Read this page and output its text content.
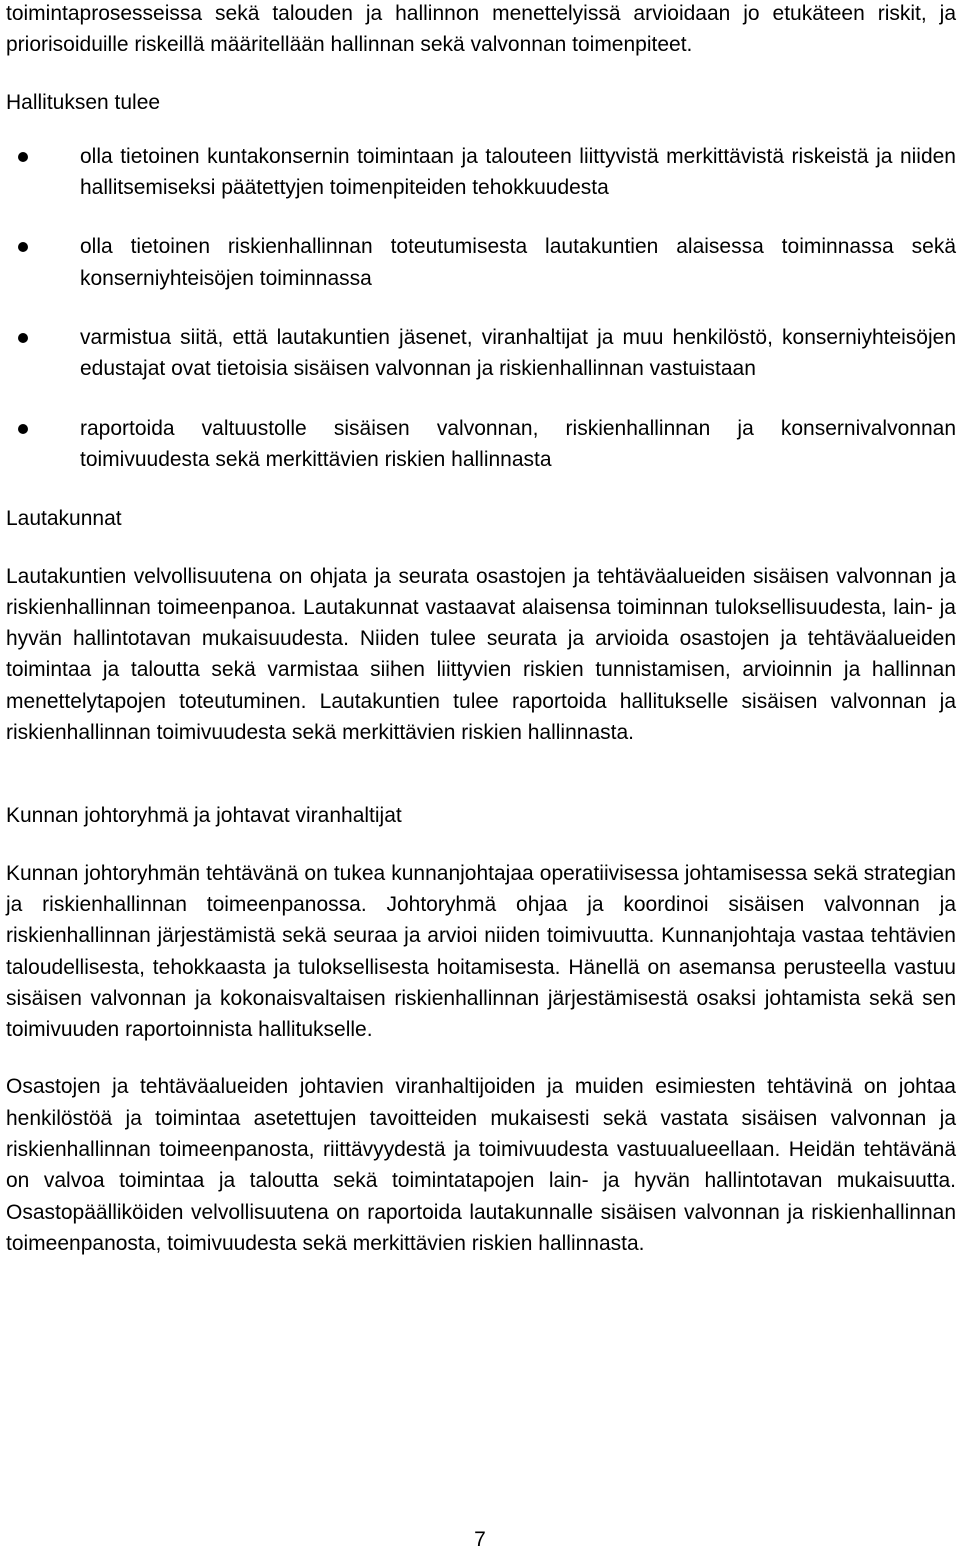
toimintaprosesseissa sekä talouden ja hallinnon menettelyissä arvioidaan jo etukäteen riskit, ja priorisoiduille riskeillä määritellään hallinnan sekä valvonnan toimenpiteet.

Hallituksen tulee

olla tietoinen kuntakonsernin toimintaan ja talouteen liittyvistä merkittävistä riskeistä ja niiden hallitsemiseksi päätettyjen toimenpiteiden tehokkuudesta
olla tietoinen riskienhallinnan toteutumisesta lautakuntien alaisessa toiminnassa sekä konserniyhteisöjen toiminnassa
varmistua siitä, että lautakuntien jäsenet, viranhaltijat ja muu henkilöstö, konserniyhteisöjen edustajat ovat tietoisia sisäisen valvonnan ja riskienhallinnan vastuistaan
raportoida valtuustolle sisäisen valvonnan, riskienhallinnan ja konsernivalvonnan toimivuudesta sekä merkittävien riskien hallinnasta

Lautakunnat

Lautakuntien velvollisuutena on ohjata ja seurata osastojen ja tehtäväalueiden sisäisen valvonnan ja riskienhallinnan toimeenpanoa. Lautakunnat vastaavat alaisensa toiminnan tuloksellisuudesta, lain- ja hyvän hallintotavan mukaisuudesta. Niiden tulee seurata ja arvioida osastojen ja tehtäväalueiden toimintaa ja taloutta sekä varmistaa siihen liittyvien riskien tunnistamisen, arvioinnin ja hallinnan menettelytapojen toteutuminen. Lautakuntien tulee raportoida hallitukselle sisäisen valvonnan ja riskienhallinnan toimivuudesta sekä merkittävien riskien hallinnasta.

Kunnan johtoryhmä ja johtavat viranhaltijat

Kunnan johtoryhmän tehtävänä on tukea kunnanjohtajaa operatiivisessa johtamisessa sekä strategian ja riskienhallinnan toimeenpanossa. Johtoryhmä ohjaa ja koordinoi sisäisen valvonnan ja riskienhallinnan järjestämistä sekä seuraa ja arvioi niiden toimivuutta. Kunnanjohtaja vastaa tehtävien taloudellisesta, tehokkaasta ja tuloksellisesta hoitamisesta. Hänellä on asemansa perusteella vastuu sisäisen valvonnan ja kokonaisvaltaisen riskienhallinnan järjestämisestä osaksi johtamista sekä sen toimivuuden raportoinnista hallitukselle.

Osastojen ja tehtäväalueiden johtavien viranhaltijoiden ja muiden esimiesten tehtävinä on johtaa henkilöstöä ja toimintaa asetettujen tavoitteiden mukaisesti sekä vastata sisäisen valvonnan ja riskienhallinnan toimeenpanosta, riittävyydestä ja toimivuudesta vastuualueellaan. Heidän tehtävänä on valvoa toimintaa ja taloutta sekä toimintatapojen lain- ja hyvän hallintotavan mukaisuutta. Osastopäälliköiden velvollisuutena on raportoida lautakunnalle sisäisen valvonnan ja riskienhallinnan toimeenpanosta, toimivuudesta sekä merkittävien riskien hallinnasta.

7
